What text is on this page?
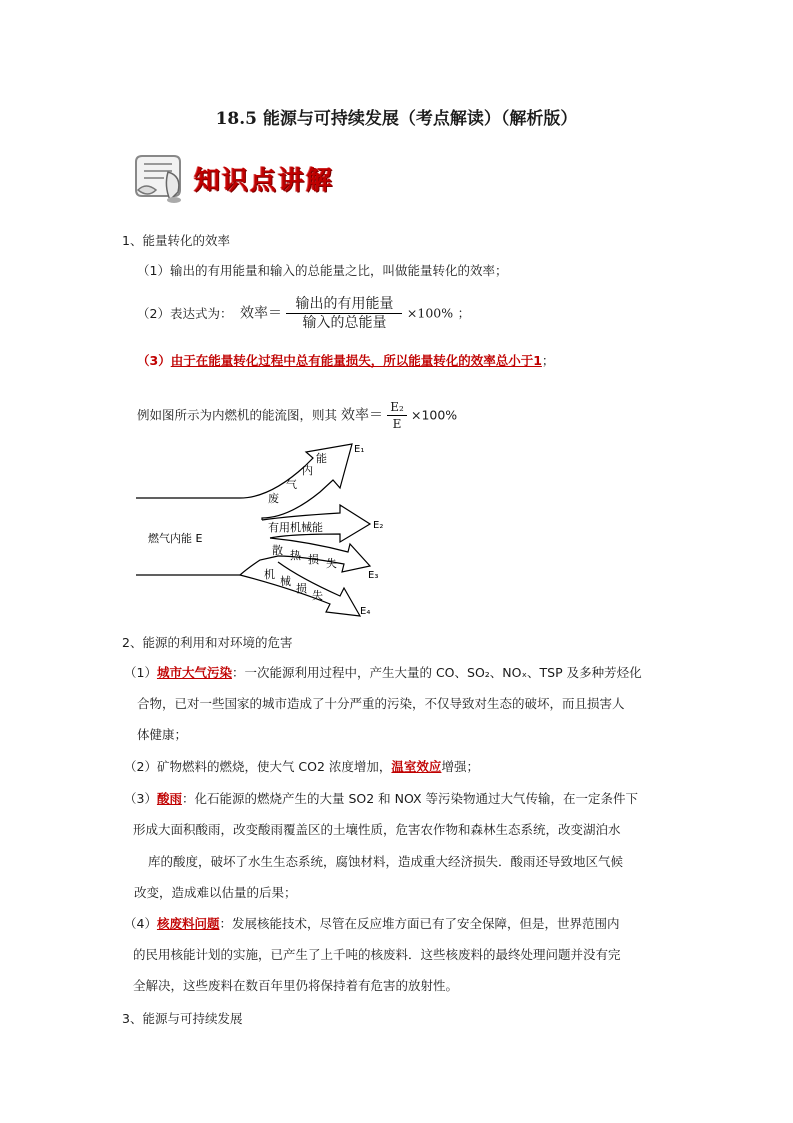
18.5 能源与可持续发展（考点解读）（解析版）
知识点讲解
1、能量转化的效率
（1）输出的有用能量和输入的总能量之比，叫做能量转化的效率；
（2）表达式为： 效率＝ $\frac{\text{输出的有用能量}}{\text{输入的总能量}} \times 100\%$ ；
（3）由于在能量转化过程中总有能量损失，所以能量转化的效率总小于1；
例如图所示为内燃机的能流图，则其 效率＝ $\frac{\text{E₂}}{E} \times 100\%$
燃气内能 E
废
气
内
能
有用机械能
散 热 损 失
机
械
损
失
E₁
E₂
E₃
E₄
2、能源的利用和对环境的危害
（1）城市大气污染：一次能源利用过程中，产生大量的 CO、SO₂、NOₓ、TSP 及多种芳烃化
合物，已对一些国家的城市造成了十分严重的污染，不仅导致对生态的破坏，而且损害人
体健康；
（2）矿物燃料的燃烧，使大气 CO2 浓度增加，温室效应增强；
（3）酸雨：化石能源的燃烧产生的大量 SO2 和 NOX 等污染物通过大气传输，在一定条件下
形成大面积酸雨，改变酸雨覆盖区的土壤性质，危害农作物和森林生态系统，改变湖泊水
库的酸度，破坏了水生生态系统，腐蚀材料，造成重大经济损失．酸雨还导致地区气候
改变，造成难以估量的后果；
（4）核废料问题：发展核能技术，尽管在反应堆方面已有了安全保障，但是，世界范围内
的民用核能计划的实施，已产生了上千吨的核废料．这些核废料的最终处理问题并没有完
全解决，这些废料在数百年里仍将保持着有危害的放射性。
3、能源与可持续发展
